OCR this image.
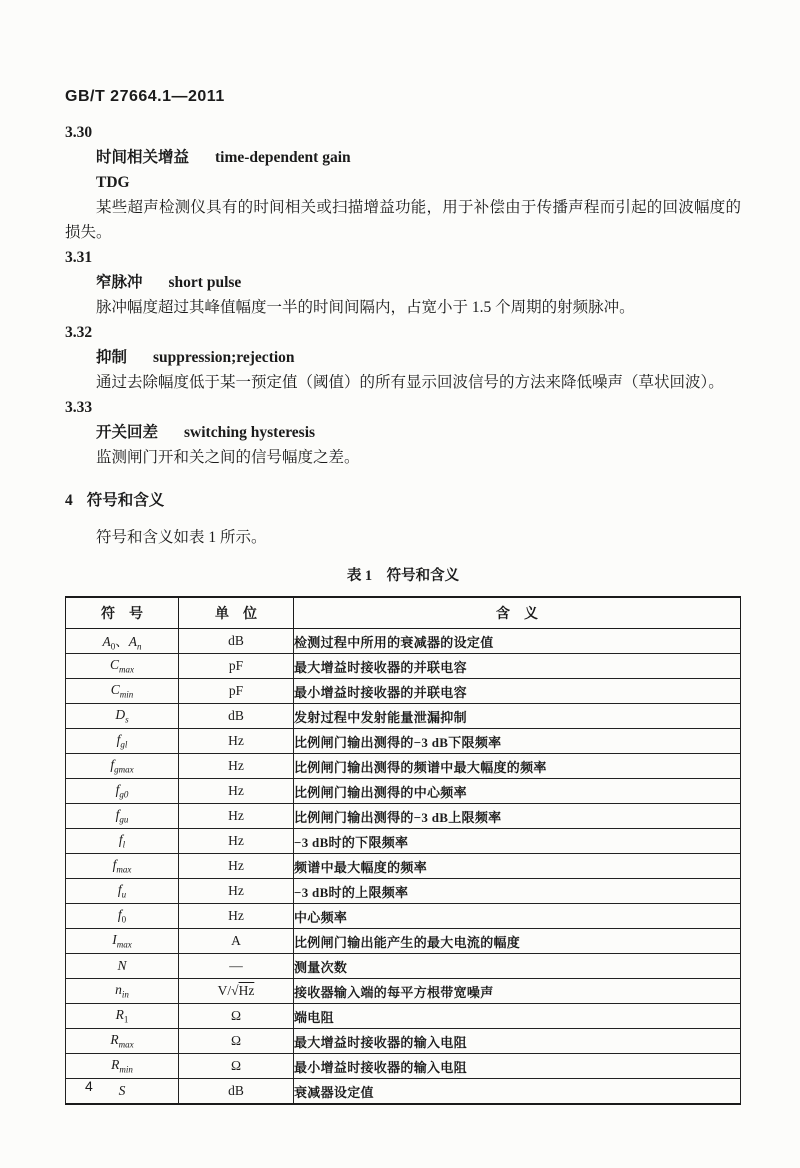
GB/T 27664.1—2011
3.30
时间相关增益 time-dependent gain
TDG
某些超声检测仪具有的时间相关或扫描增益功能，用于补偿由于传播声程而引起的回波幅度的损失。
3.31
窄脉冲 short pulse
脉冲幅度超过其峰值幅度一半的时间间隔内，占宽小于 1.5 个周期的射频脉冲。
3.32
抑制 suppression;rejection
通过去除幅度低于某一预定值（阈值）的所有显示回波信号的方法来降低噪声（草状回波）。
3.33
开关回差 switching hysteresis
监测闸门开和关之间的信号幅度之差。
4 符号和含义
符号和含义如表 1 所示。
表 1　符号和含义
符　号	单　位	含　义
$A_0$、$A_n$	dB	检测过程中所用的衰减器的设定值
$C_{max}$	pF	最大增益时接收器的并联电容
$C_{min}$	pF	最小增益时接收器的并联电容
$D_s$	dB	发射过程中发射能量泄漏抑制
$f_{gl}$	Hz	比例闸门输出测得的−3 dB下限频率
$f_{gmax}$	Hz	比例闸门输出测得的频谱中最大幅度的频率
$f_{g0}$	Hz	比例闸门输出测得的中心频率
$f_{gu}$	Hz	比例闸门输出测得的−3 dB上限频率
$f_l$	Hz	−3 dB时的下限频率
$f_{max}$	Hz	频谱中最大幅度的频率
$f_u$	Hz	−3 dB时的上限频率
$f_0$	Hz	中心频率
$I_{max}$	A	比例闸门输出能产生的最大电流的幅度
N	—	测量次数
$n_{in}$	V/√Hz	接收器输入端的每平方根带宽噪声
$R_1$	Ω	端电阻
$R_{max}$	Ω	最大增益时接收器的输入电阻
$R_{min}$	Ω	最小增益时接收器的输入电阻
S	dB	衰减器设定值
4
